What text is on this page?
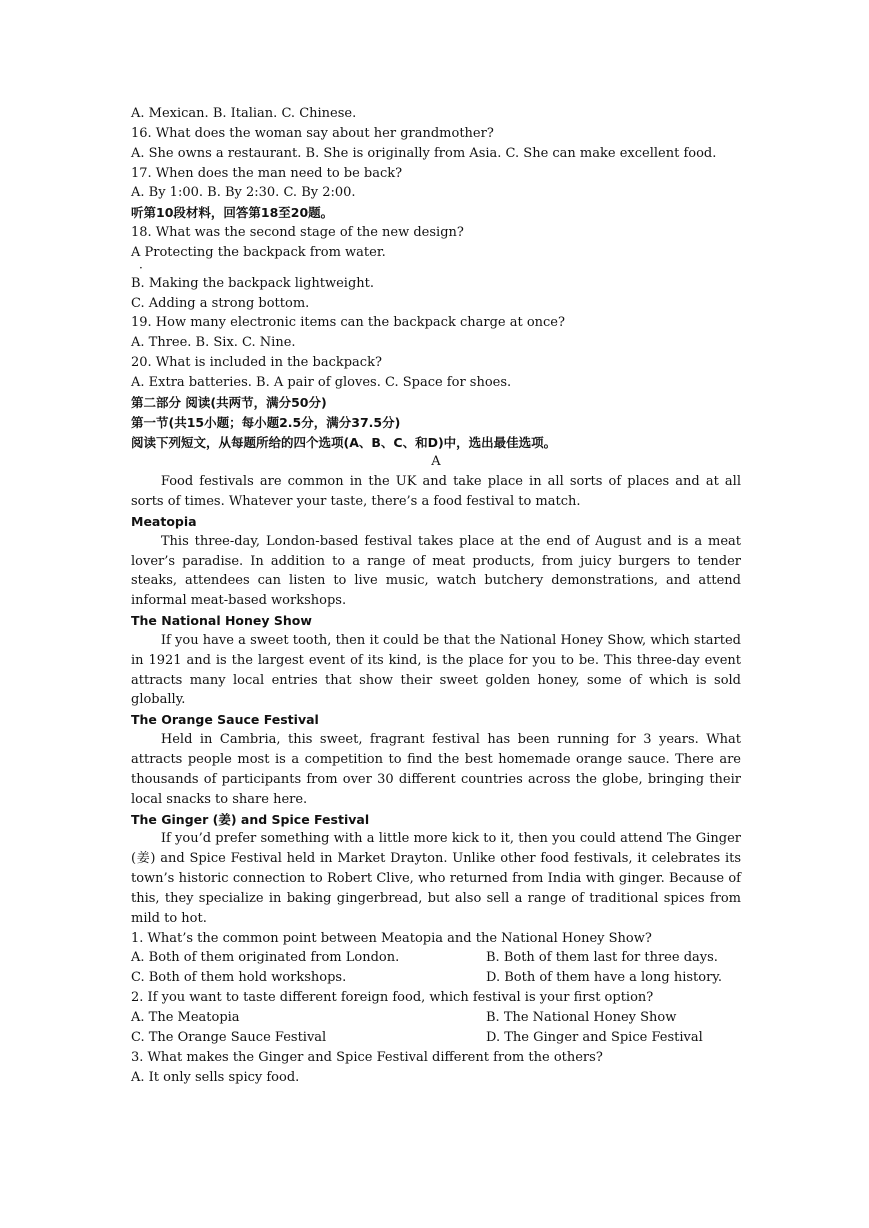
A. Mexican. B. Italian. C. Chinese.
16. What does the woman say about her grandmother?
A. She owns a restaurant. B. She is originally from Asia. C. She can make excellent food.
17. When does the man need to be back?
A. By 1:00. B. By 2:30. C. By 2:00.
听第10段材料，回答第18至20题。
18. What was the second stage of the new design?
A Protecting the backpack from water.
·
B. Making the backpack lightweight.
C. Adding a strong bottom.
19. How many electronic items can the backpack charge at once?
A. Three. B. Six. C. Nine.
20. What is included in the backpack?
A. Extra batteries. B. A pair of gloves. C. Space for shoes.
第二部分 阅读(共两节，满分50分)
第一节(共15小题；每小题2.5分，满分37.5分)
阅读下列短文，从每题所给的四个选项(A、B、C、和D)中，选出最佳选项。
A
Food festivals are common in the UK and take place in all sorts of places and at all sorts of times. Whatever your taste, there’s a food festival to match.
Meatopia
This three-day, London-based festival takes place at the end of August and is a meat lover’s paradise. In addition to a range of meat products, from juicy burgers to tender steaks, attendees can listen to live music, watch butchery demonstrations, and attend informal meat-based workshops.
The National Honey Show
If you have a sweet tooth, then it could be that the National Honey Show, which started in 1921 and is the largest event of its kind, is the place for you to be. This three-day event attracts many local entries that show their sweet golden honey, some of which is sold globally.
The Orange Sauce Festival
Held in Cambria, this sweet, fragrant festival has been running for 3 years. What attracts people most is a competition to find the best homemade orange sauce. There are thousands of participants from over 30 different countries across the globe, bringing their local snacks to share here.
The Ginger (姜) and Spice Festival
If you’d prefer something with a little more kick to it, then you could attend The Ginger (姜) and Spice Festival held in Market Drayton. Unlike other food festivals, it celebrates its town’s historic connection to Robert Clive, who returned from India with ginger. Because of this, they specialize in baking gingerbread, but also sell a range of traditional spices from mild to hot.
1. What’s the common point between Meatopia and the National Honey Show?
A. Both of them originated from London.	B. Both of them last for three days.
C. Both of them hold workshops.	D. Both of them have a long history.
2. If you want to taste different foreign food, which festival is your first option?
A. The Meatopia	B. The National Honey Show
C. The Orange Sauce Festival	D. The Ginger and Spice Festival
3. What makes the Ginger and Spice Festival different from the others?
A. It only sells spicy food.
